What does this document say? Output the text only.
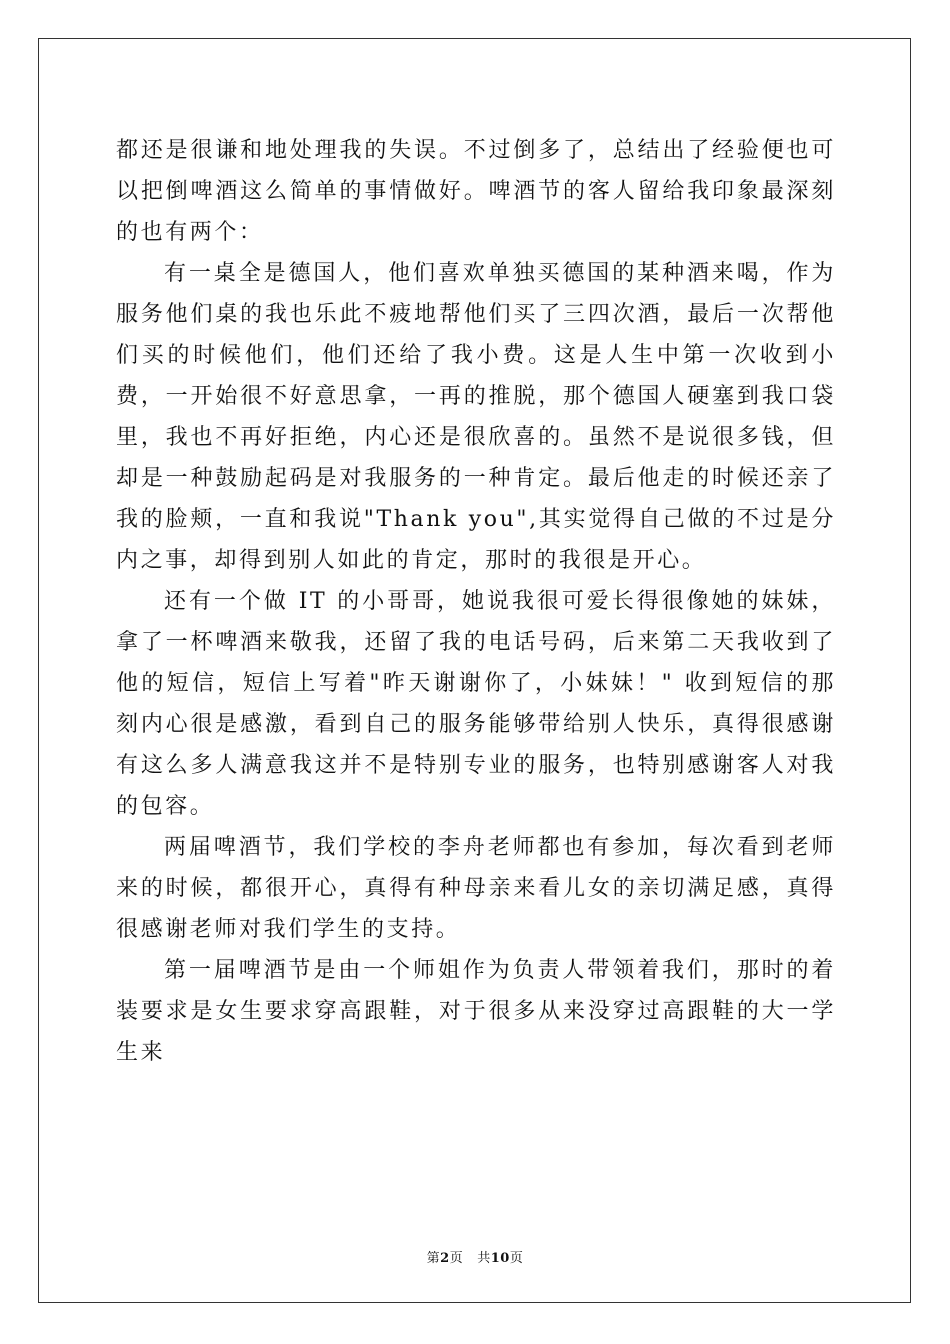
都还是很谦和地处理我的失误。不过倒多了，总结出了经验便也可以把倒啤酒这么简单的事情做好。啤酒节的客人留给我印象最深刻的也有两个：

有一桌全是德国人，他们喜欢单独买德国的某种酒来喝，作为服务他们桌的我也乐此不疲地帮他们买了三四次酒，最后一次帮他们买的时候他们，他们还给了我小费。这是人生中第一次收到小费，一开始很不好意思拿，一再的推脱，那个德国人硬塞到我口袋里，我也不再好拒绝，内心还是很欣喜的。虽然不是说很多钱，但却是一种鼓励起码是对我服务的一种肯定。最后他走的时候还亲了我的脸颊，一直和我说"Thank you",其实觉得自己做的不过是分内之事，却得到别人如此的肯定，那时的我很是开心。

还有一个做 IT 的小哥哥，她说我很可爱长得很像她的妹妹，拿了一杯啤酒来敬我，还留了我的电话号码，后来第二天我收到了他的短信，短信上写着"昨天谢谢你了，小妹妹！" 收到短信的那刻内心很是感激，看到自己的服务能够带给别人快乐，真得很感谢有这么多人满意我这并不是特别专业的服务，也特别感谢客人对我的包容。

两届啤酒节，我们学校的李舟老师都也有参加，每次看到老师来的时候，都很开心，真得有种母亲来看儿女的亲切满足感，真得很感谢老师对我们学生的支持。

第一届啤酒节是由一个师姐作为负责人带领着我们，那时的着装要求是女生要求穿高跟鞋，对于很多从来没穿过高跟鞋的大一学生来

第2页 共10页
